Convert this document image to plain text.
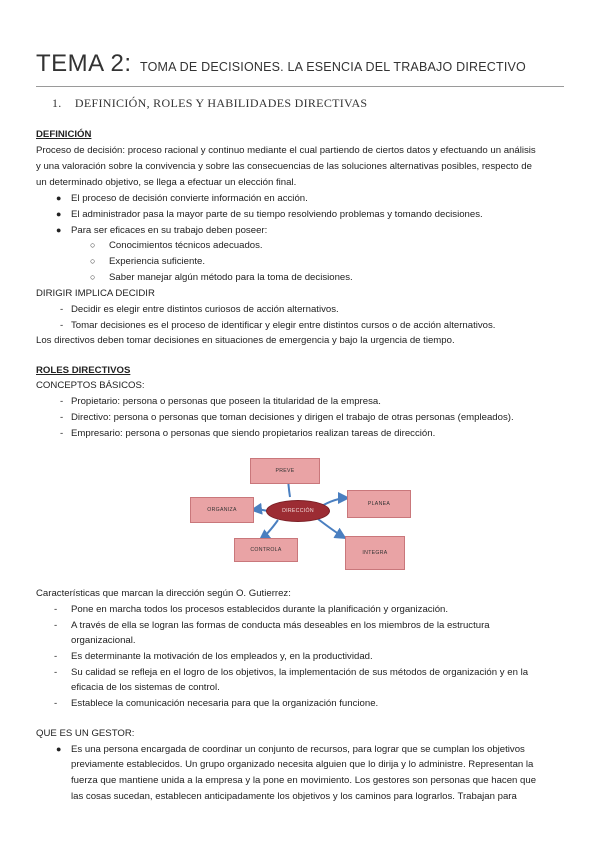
TEMA 2: TOMA DE DECISIONES. LA ESENCIA DEL TRABAJO DIRECTIVO
1. DEFINICIÓN, ROLES Y HABILIDADES DIRECTIVAS
DEFINICIÓN
Proceso de decisión: proceso racional y continuo mediante el cual partiendo de ciertos datos y efectuando un análisis
y una valoración sobre la convivencia y sobre las consecuencias de las soluciones alternativas posibles, respecto de
un determinado objetivo, se llega a efectuar un elección final.
● El proceso de decisión convierte información en acción.
● El administrador pasa la mayor parte de su tiempo resolviendo problemas y tomando decisiones.
● Para ser eficaces en su trabajo deben poseer:
○ Conocimientos técnicos adecuados.
○ Experiencia suficiente.
○ Saber manejar algún método para la toma de decisiones.
DIRIGIR IMPLICA DECIDIR
- Decidir es elegir entre distintos curiosos de acción alternativos.
- Tomar decisiones es el proceso de identificar y elegir entre distintos cursos o de acción alternativos.
Los directivos deben tomar decisiones en situaciones de emergencia y bajo la urgencia de tiempo.
ROLES DIRECTIVOS
CONCEPTOS BÁSICOS:
- Propietario: persona o personas que poseen la titularidad de la empresa.
- Directivo: persona o personas que toman decisiones y dirigen el trabajo de otras personas (empleados).
- Empresario: persona o personas que siendo propietarios realizan tareas de dirección.
PREVE
ORGANIZA	DIRECCIÓN
PLANEA
CONTROLA	INTEGRA
Características que marcan la dirección según O. Gutierrez:
- Pone en marcha todos los procesos establecidos durante la planificación y organización.
- A través de ella se logran las formas de conducta más deseables en los miembros de la estructura
organizacional.
- Es determinante la motivación de los empleados y, en la productividad.
- Su calidad se refleja en el logro de los objetivos, la implementación de sus métodos de organización y en la
eficacia de los sistemas de control.
- Establece la comunicación necesaria para que la organización funcione.
QUE ES UN GESTOR:
● Es una persona encargada de coordinar un conjunto de recursos, para lograr que se cumplan los objetivos
previamente establecidos. Un grupo organizado necesita alguien que lo dirija y lo administre. Representan la
fuerza que mantiene unida a la empresa y la pone en movimiento. Los gestores son personas que hacen que
las cosas sucedan, establecen anticipadamente los objetivos y los caminos para lograrlos. Trabajan para
